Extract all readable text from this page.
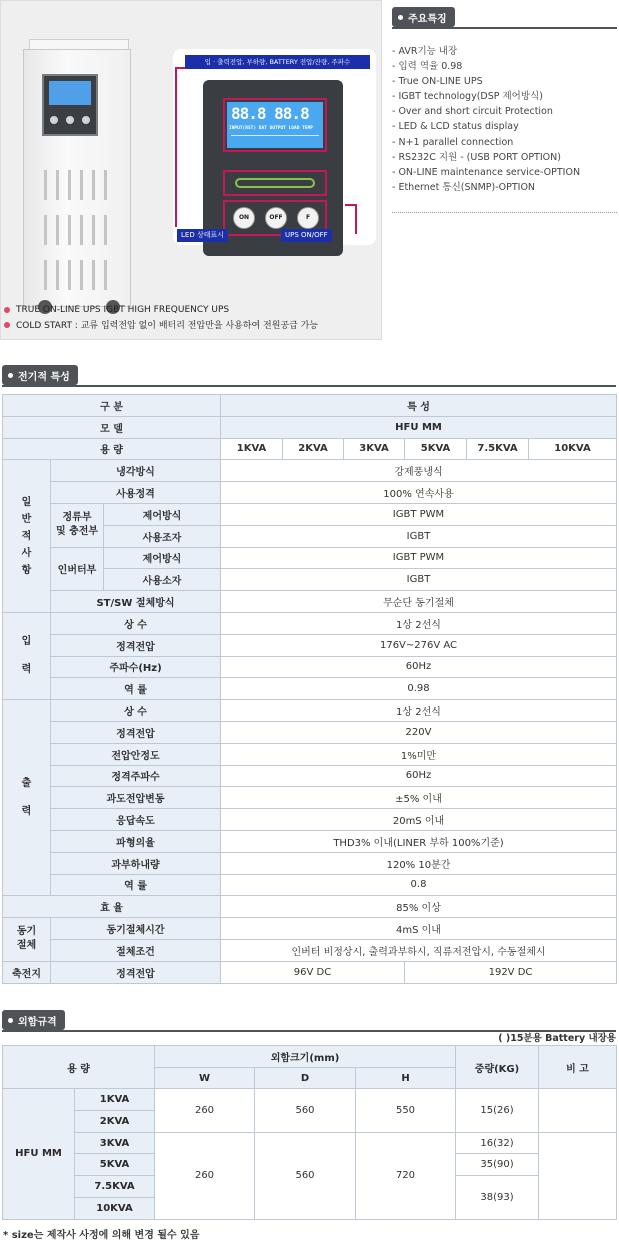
입 · 출력전압, 부하량, BATTERY 전압/잔량, 주파수
88.8 88.8
INPUT(RST) BAT OUTPUT LOAD TEMP
ON	OFF	F
LED 상태표시	UPS ON/OFF
TRUE ON-LINE UPS IGBT HIGH FREQUENCY UPS
COLD START : 교류 입력전압 없이 배터리 전압만을 사용하여 전원공급 가능
주요특징
- AVR기능 내장
- 입력 역율 0.98
- True ON-LINE UPS
- IGBT technology(DSP 제어방식)
- Over and short circuit Protection
- LED & LCD status display
- N+1 parallel connection
- RS232C 지원 - (USB PORT OPTION)
- ON-LINE maintenance service-OPTION
- Ethernet 통신(SNMP)-OPTION
전기적 특성
구 분			특 성					
모 델			HFU MM					
용 량			1KVA	2KVA	3KVA	5KVA	7.5KVA	10KVA
일
반
적
사
항	냉각방식		강제풍냉식					
	사용정격		100% 연속사용					
	정류부
및 충전부	제어방식	IGBT PWM					
		사용조자	IGBT					
	인버터부	제어방식	IGBT PWM					
		사용소자	IGBT					
	ST/SW 절체방식		무순단 동기절체					
입

력	상 수		1상 2선식					
	정격전압		176V~276V AC					
	주파수(Hz)		60Hz					
	역 률		0.98					
출

력	상 수		1상 2선식					
	정격전압		220V					
	전압안정도		1%미만					
	정격주파수		60Hz					
	과도전압변동		±5% 이내					
	응답속도		20mS 이내					
	파형의율		THD3% 이내(LINER 부하 100%기준)					
	과부하내량		120% 10분간					
	역 률		0.8					
효 율			85% 이상					
동기
절체	동기절체시간		4mS 이내					
	절체조건		인버터 비정상시, 출력과부하시, 직류저전압시, 수동절체시					
축전지	정격전압		96V DC			192V DC		
외함규격
( )15분용 Battery 내장용
용 량		외함크기(mm)			중량(KG)	비 고
		W	D	H		
HFU MM	1KVA	260	560	550	15(26)	
	2KVA					
	3KVA	260	560	720	16(32)	
	5KVA				35(90)	
	7.5KVA				38(93)	
	10KVA					
* size는 제작사 사정에 의해 변경 될수 있음
